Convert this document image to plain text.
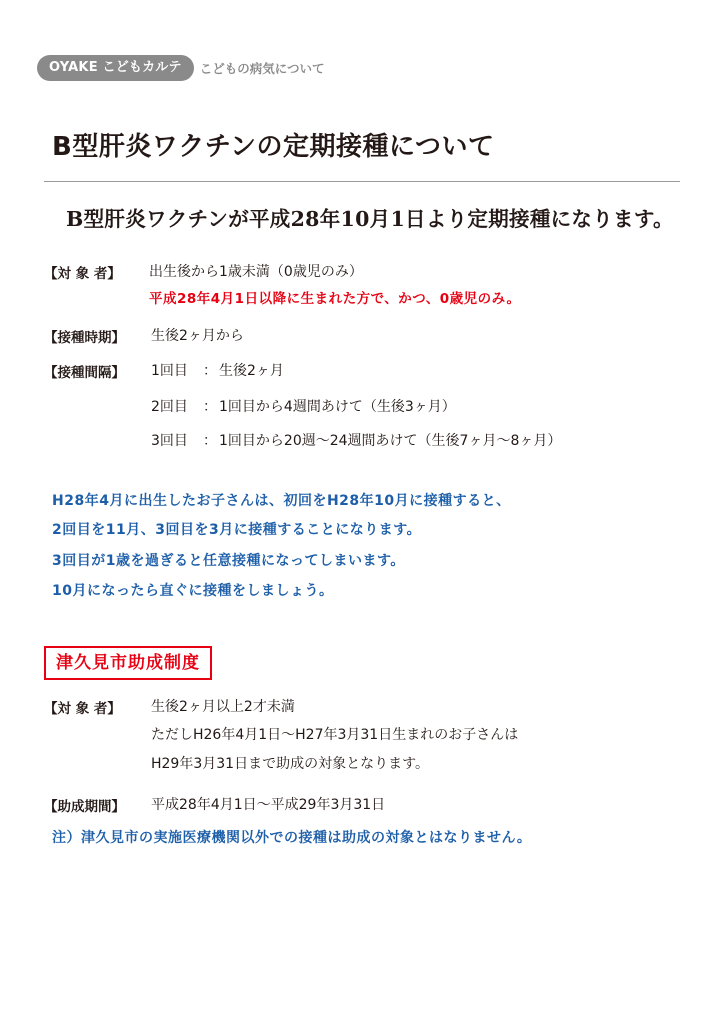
OYAKE こどもカルテ	こどもの病気について
B型肝炎ワクチンの定期接種について
B型肝炎ワクチンが平成28年10月1日より定期接種になります。
【対 象 者】 出生後から1歳未満（0歳児のみ）
平成28年4月1日以降に生まれた方で、かつ、0歳児のみ。
【接種時期】 生後2ヶ月から
【接種間隔】 1回目 ： 生後2ヶ月
2回目 ： 1回目から4週間あけて（生後3ヶ月）
3回目 ： 1回目から20週〜24週間あけて（生後7ヶ月〜8ヶ月）
H28年4月に出生したお子さんは、初回をH28年10月に接種すると、
2回目を11月、3回目を3月に接種することになります。
3回目が1歳を過ぎると任意接種になってしまいます。
10月になったら直ぐに接種をしましょう。
津久見市助成制度
【対 象 者】 生後2ヶ月以上2才未満
ただしH26年4月1日〜H27年3月31日生まれのお子さんは
H29年3月31日まで助成の対象となります。
【助成期間】 平成28年4月1日〜平成29年3月31日
注）津久見市の実施医療機関以外での接種は助成の対象とはなりません。
